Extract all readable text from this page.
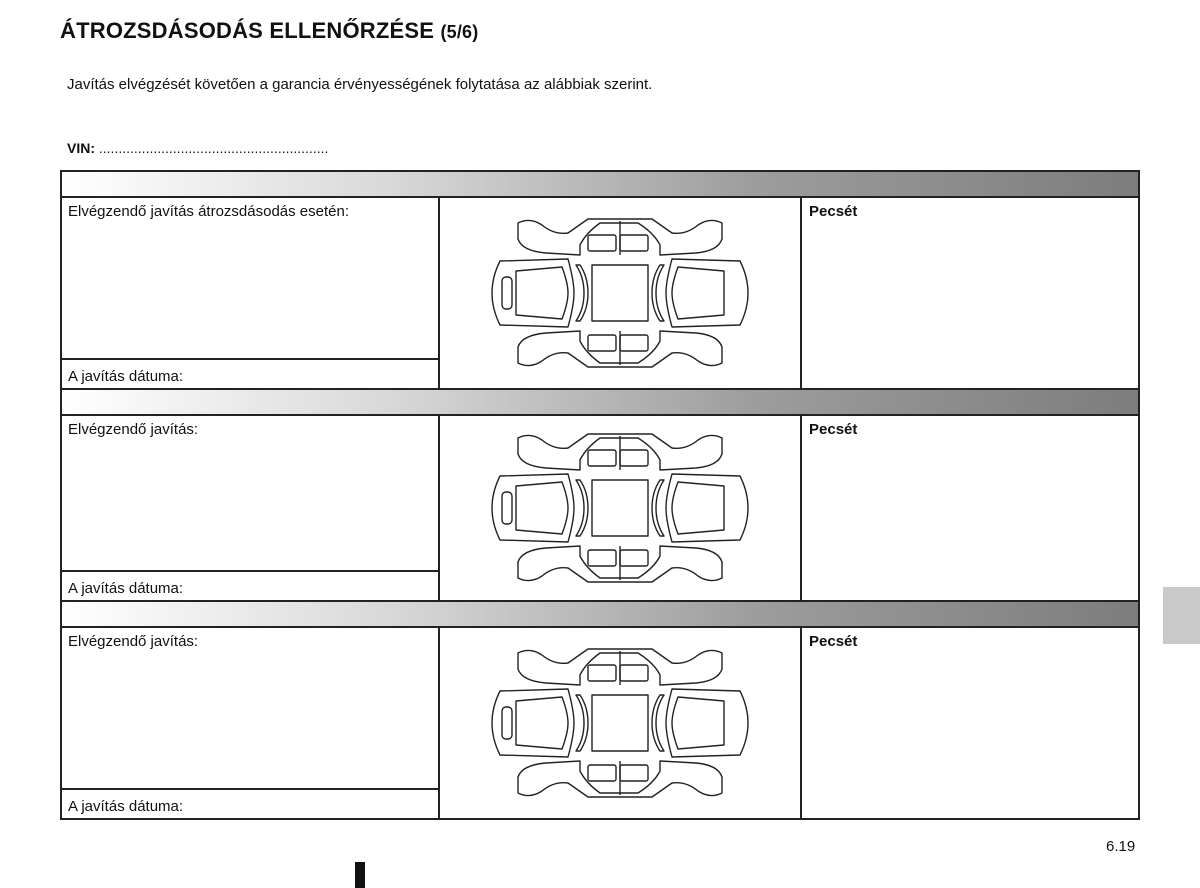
ÁTROZSDÁSODÁS ELLENŐRZÉSE (5/6)
Javítás elvégzését követően a garancia érvényességének folytatása az alábbiak szerint.
VIN: ...........................................................
Elvégzendő javítás átrozsdásodás esetén:
A javítás dátuma:
Pecsét
Elvégzendő javítás:
A javítás dátuma:
Pecsét
Elvégzendő javítás:
A javítás dátuma:
Pecsét
6.19
